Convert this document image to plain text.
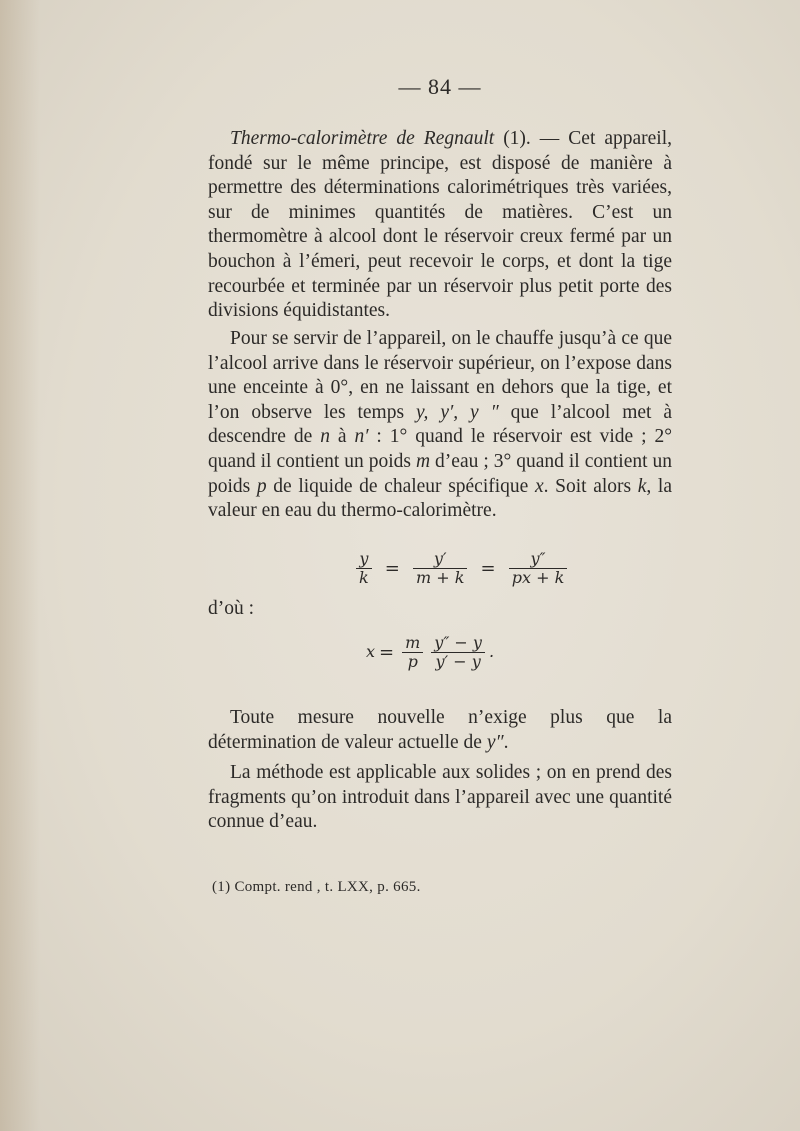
— 84 —

Thermo-calorimètre de Regnault (1). — Cet appareil, fondé sur le même principe, est disposé de manière à permettre des déterminations calorimétriques très variées, sur de minimes quantités de matières. C’est un thermomètre à alcool dont le réservoir creux fermé par un bouchon à l’émeri, peut recevoir le corps, et dont la tige recourbée et terminée par un réservoir plus petit porte des divisions équidistantes.

Pour se servir de l’appareil, on le chauffe jusqu’à ce que l’alcool arrive dans le réservoir supérieur, on l’expose dans une enceinte à 0°, en ne laissant en dehors que la tige, et l’on observe les temps y, y′, y ″ que l’alcool met à descendre de n à n′ : 1° quand le réservoir est vide ; 2° quand il contient un poids m d’eau ; 3° quand il contient un poids p de liquide de chaleur spécifique x. Soit alors k, la valeur en eau du thermo-calorimètre.

$\frac{y}{k} = \frac{y'}{m + k} = \frac{y''}{px + k}$
d’où :
$x = \frac{m}{p} \frac{y'' - y}{y' - y}$ .

Toute mesure nouvelle n’exige plus que la détermination de valeur actuelle de y″.

La méthode est applicable aux solides ; on en prend des fragments qu’on introduit dans l’appareil avec une quantité connue d’eau.

(1) Compt. rend , t. LXX, p. 665.
